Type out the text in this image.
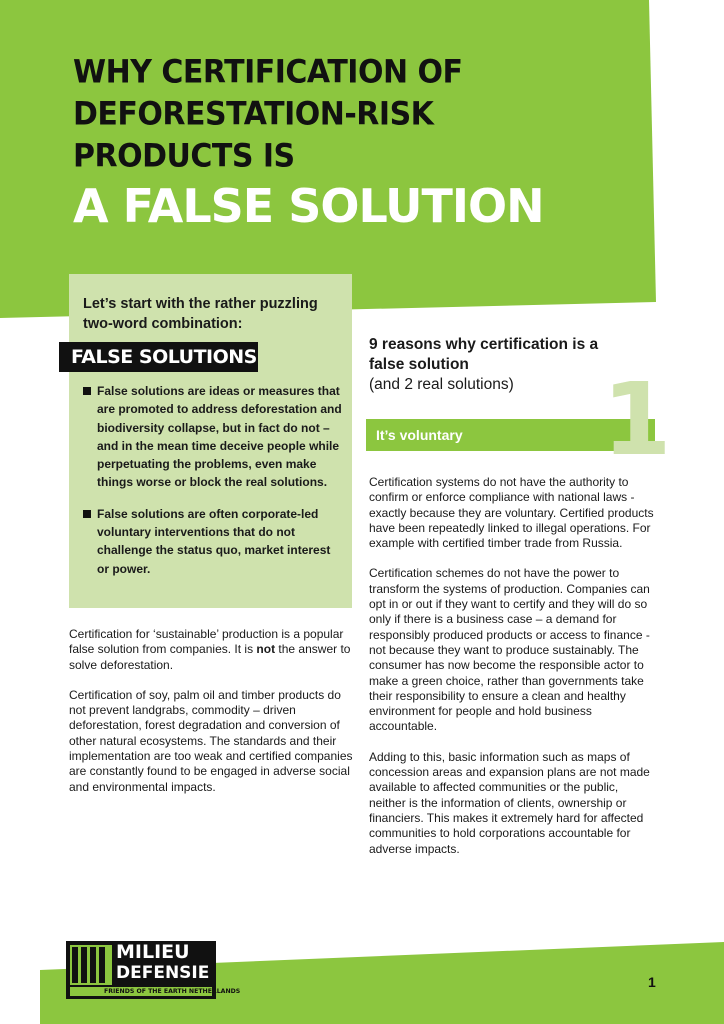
WHY CERTIFICATION OF
DEFORESTATION-RISK
PRODUCTS IS
A FALSE SOLUTION
Let’s start with the rather puzzling two-word combination:
FALSE SOLUTIONS
False solutions are ideas or measures that are promoted to address deforestation and biodiversity collapse, but in fact do not – and in the mean time deceive people while perpetuating the problems, even make things worse or block the real solutions.
False solutions are often corporate-led voluntary interventions that do not challenge the status quo, market interest or power.

Certification for ‘sustainable’ production is a popular false solution from companies. It is not the answer to solve deforestation.

Certification of soy, palm oil and timber products do not prevent landgrabs, commodity – driven deforestation, forest degradation and conversion of other natural ecosystems. The standards and their implementation are too weak and certified companies are constantly found to be engaged in adverse social and environmental impacts.

9 reasons why certification is a false solution
(and 2 real solutions)
It’s voluntary 1

Certification systems do not have the authority to confirm or enforce compliance with national laws - exactly because they are voluntary. Certified products have been repeatedly linked to illegal operations. For example with certified timber trade from Russia.

Certification schemes do not have the power to transform the systems of production. Companies can opt in or out if they want to certify and they will do so only if there is a business case – a demand for responsibly produced products or access to finance - not because they want to produce sustainably. The consumer has now become the responsible actor to make a green choice, rather than governments take their responsibility to ensure a clean and healthy environment for people and hold business accountable.

Adding to this, basic information such as maps of concession areas and expansion plans are not made available to affected communities or the public, neither is the information of clients, ownership or financiers. This makes it extremely hard for affected communities to hold corporations accountable for adverse impacts.

MILIEU
DEFENSIE
FRIENDS OF THE EARTH NETHERLANDS
1
